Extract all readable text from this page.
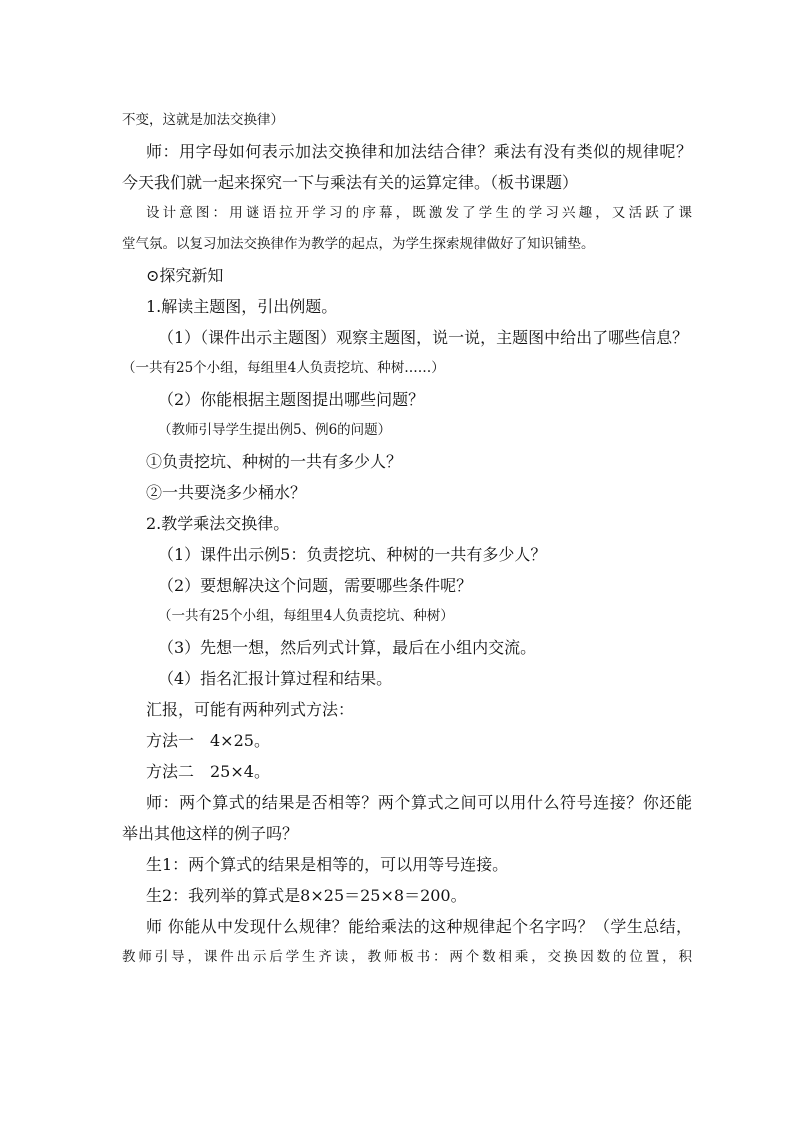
不变，这就是加法交换律）
师：用字母如何表示加法交换律和加法结合律？乘法有没有类似的规律呢？
今天我们就一起来探究一下与乘法有关的运算定律。（板书课题）
设计意图：用谜语拉开学习的序幕，既激发了学生的学习兴趣，又活跃了课
堂气氛。以复习加法交换律作为教学的起点，为学生探索规律做好了知识铺垫。
⊙探究新知
1.解读主题图，引出例题。
（1）（课件出示主题图）观察主题图，说一说，主题图中给出了哪些信息？
（一共有25个小组，每组里4人负责挖坑、种树……）
（2）你能根据主题图提出哪些问题？
（教师引导学生提出例5、例6的问题）
①负责挖坑、种树的一共有多少人？
②一共要浇多少桶水？
2.教学乘法交换律。
（1）课件出示例5：负责挖坑、种树的一共有多少人？
（2）要想解决这个问题，需要哪些条件呢？
（一共有25个小组，每组里4人负责挖坑、种树）
（3）先想一想，然后列式计算，最后在小组内交流。
（4）指名汇报计算过程和结果。
汇报，可能有两种列式方法：
方法一　4×25。
方法二　25×4。
师：两个算式的结果是否相等？两个算式之间可以用什么符号连接？你还能
举出其他这样的例子吗？
生1：两个算式的结果是相等的，可以用等号连接。
生2：我列举的算式是8×25＝25×8＝200。
师 你能从中发现什么规律？能给乘法的这种规律起个名字吗？（学生总结，
教师引导，课件出示后学生齐读，教师板书：两个数相乘，交换因数的位置，积
